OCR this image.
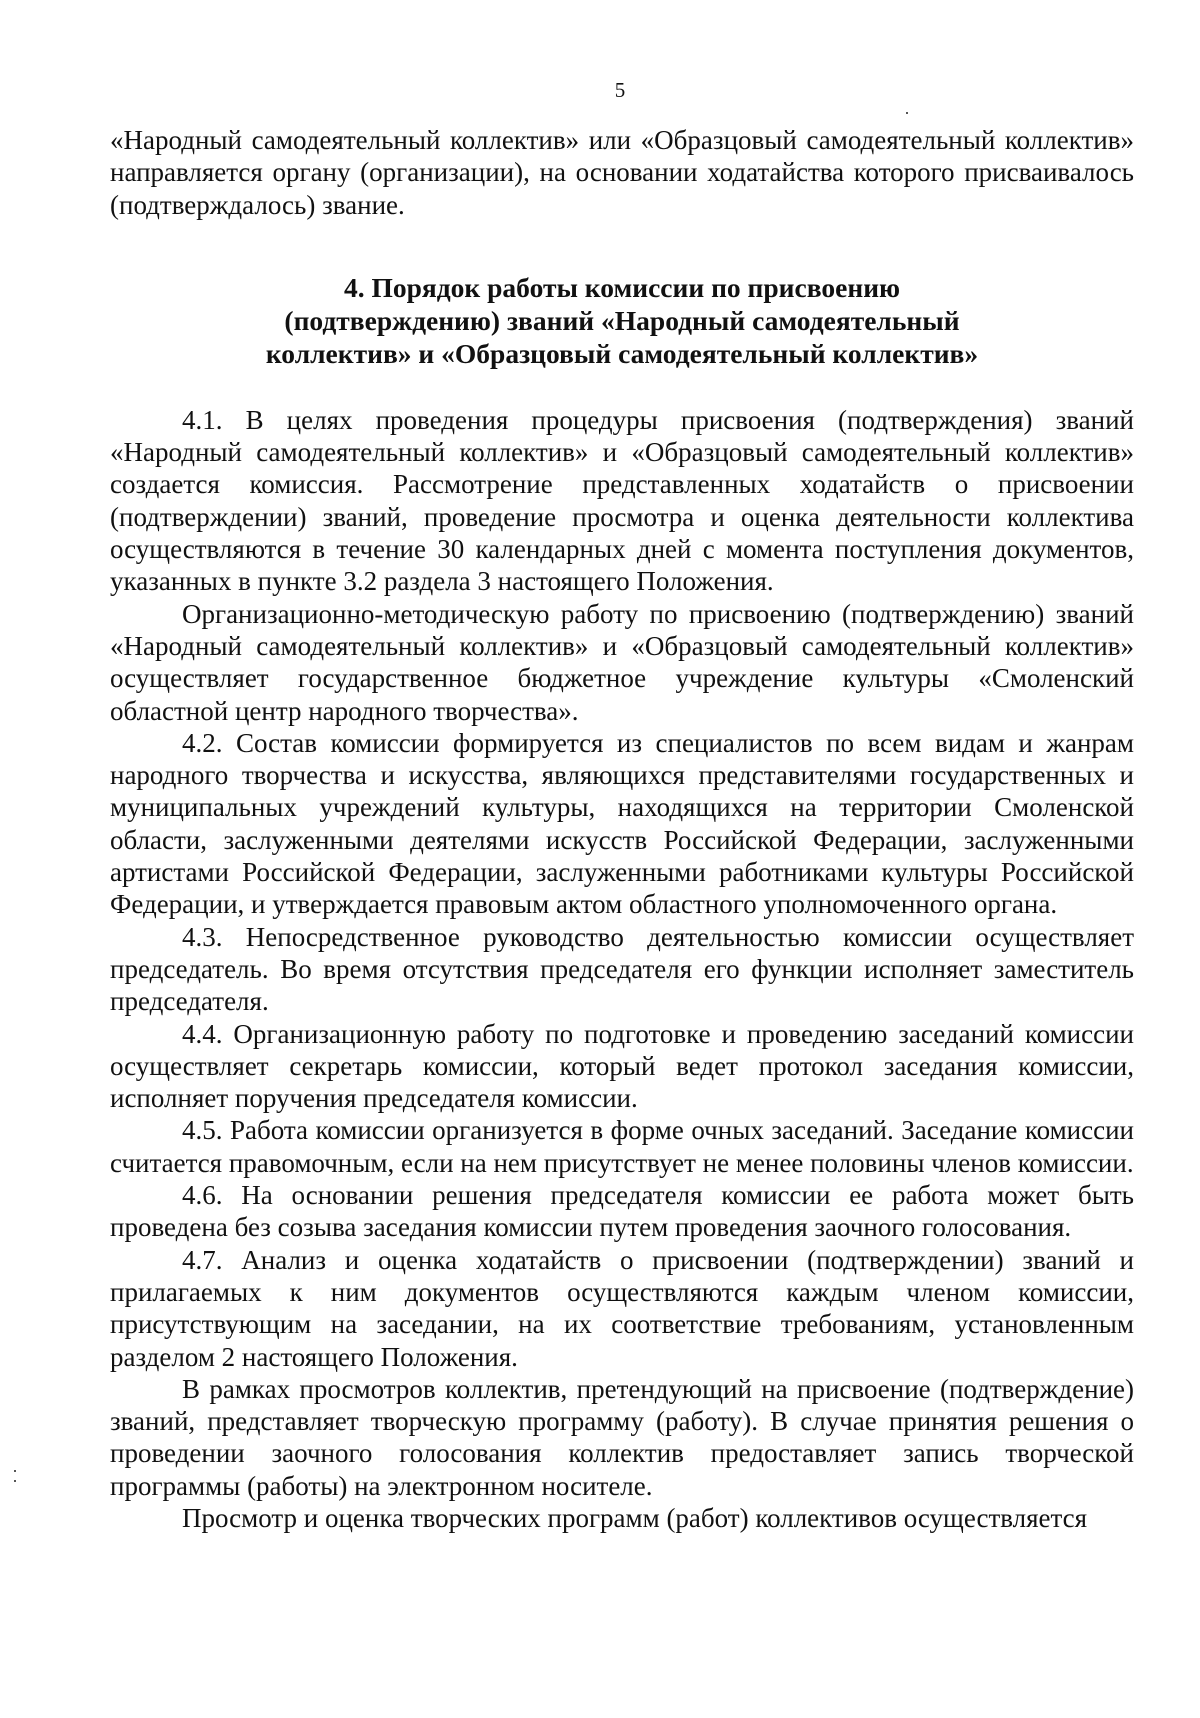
5

«Народный самодеятельный коллектив» или «Образцовый самодеятельный коллектив» направляется органу (организации), на основании ходатайства которого присваивалось (подтверждалось) звание.

4. Порядок работы комиссии по присвоению
(подтверждению) званий «Народный самодеятельный
коллектив» и «Образцовый самодеятельный коллектив»

4.1. В целях проведения процедуры присвоения (подтверждения) званий «Народный самодеятельный коллектив» и «Образцовый самодеятельный коллектив» создается комиссия. Рассмотрение представленных ходатайств о присвоении (подтверждении) званий, проведение просмотра и оценка деятельности коллектива осуществляются в течение 30 календарных дней с момента поступления документов, указанных в пункте 3.2 раздела 3 настоящего Положения.

Организационно-методическую работу по присвоению (подтверждению) званий «Народный самодеятельный коллектив» и «Образцовый самодеятельный коллектив» осуществляет государственное бюджетное учреждение культуры «Смоленский областной центр народного творчества».

4.2. Состав комиссии формируется из специалистов по всем видам и жанрам народного творчества и искусства, являющихся представителями государственных и муниципальных учреждений культуры, находящихся на территории Смоленской области, заслуженными деятелями искусств Российской Федерации, заслуженными артистами Российской Федерации, заслуженными работниками культуры Российской Федерации, и утверждается правовым актом областного уполномоченного органа.

4.3. Непосредственное руководство деятельностью комиссии осуществляет председатель. Во время отсутствия председателя его функции исполняет заместитель председателя.

4.4. Организационную работу по подготовке и проведению заседаний комиссии осуществляет секретарь комиссии, который ведет протокол заседания комиссии, исполняет поручения председателя комиссии.

4.5. Работа комиссии организуется в форме очных заседаний. Заседание комиссии считается правомочным, если на нем присутствует не менее половины членов комиссии.

4.6. На основании решения председателя комиссии ее работа может быть проведена без созыва заседания комиссии путем проведения заочного голосования.

4.7. Анализ и оценка ходатайств о присвоении (подтверждении) званий и прилагаемых к ним документов осуществляются каждым членом комиссии, присутствующим на заседании, на их соответствие требованиям, установленным разделом 2 настоящего Положения.

В рамках просмотров коллектив, претендующий на присвоение (подтверждение) званий, представляет творческую программу (работу). В случае принятия решения о проведении заочного голосования коллектив предоставляет запись творческой программы (работы) на электронном носителе.

Просмотр и оценка творческих программ (работ) коллективов осуществляется
